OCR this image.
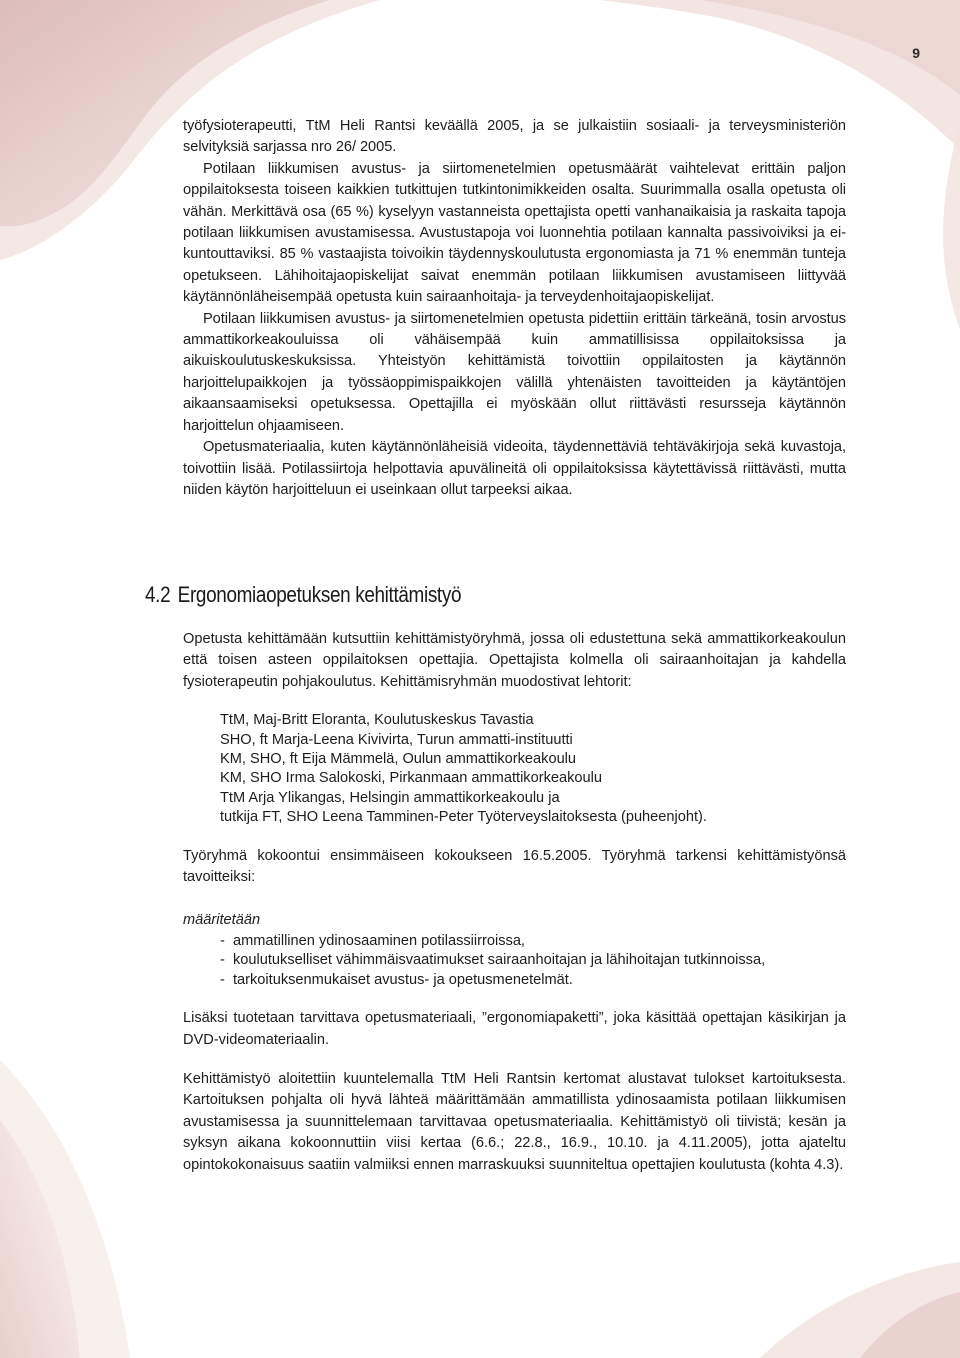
9

työfysioterapeutti, TtM Heli Rantsi keväällä 2005, ja se julkaistiin sosiaali- ja terveysministeriön selvityksiä sarjassa nro 26/ 2005.

Potilaan liikkumisen avustus- ja siirtomenetelmien opetusmäärät vaihtelevat erittäin paljon oppilaitoksesta toiseen kaikkien tutkittujen tutkintonimikkeiden osalta. Suurimmalla osalla opetusta oli vähän. Merkittävä osa (65 %) kyselyyn vastanneista opettajista opetti vanhanaikaisia ja raskaita tapoja potilaan liikkumisen avustamisessa. Avustustapoja voi luonnehtia potilaan kannalta passivoiviksi ja ei-kuntouttaviksi. 85 % vastaajista toivoikin täydennyskoulutusta ergonomiasta ja 71 % enemmän tunteja opetukseen. Lähihoitajaopiskelijat saivat enemmän potilaan liikkumisen avustamiseen liittyvää käytännönläheisempää opetusta kuin sairaanhoitaja- ja terveydenhoitajaopiskelijat.

Potilaan liikkumisen avustus- ja siirtomenetelmien opetusta pidettiin erittäin tärkeänä, tosin arvostus ammattikorkeakouluissa oli vähäisempää kuin ammatillisissa oppilaitoksissa ja aikuiskoulutuskeskuksissa. Yhteistyön kehittämistä toivottiin oppilaitosten ja käytännön harjoittelupaikkojen ja työssäoppimispaikkojen välillä yhtenäisten tavoitteiden ja käytäntöjen aikaansaamiseksi opetuksessa. Opettajilla ei myöskään ollut riittävästi resursseja käytännön harjoittelun ohjaamiseen.

Opetusmateriaalia, kuten käytännönläheisiä videoita, täydennettäviä tehtäväkirjoja sekä kuvastoja, toivottiin lisää. Potilassiirtoja helpottavia apuvälineitä oli oppilaitoksissa käytettävissä riittävästi, mutta niiden käytön harjoitteluun ei useinkaan ollut tarpeeksi aikaa.

4.2 Ergonomiaopetuksen kehittämistyö

Opetusta kehittämään kutsuttiin kehittämistyöryhmä, jossa oli edustettuna sekä ammattikorkeakoulun että toisen asteen oppilaitoksen opettajia. Opettajista kolmella oli sairaanhoitajan ja kahdella fysioterapeutin pohjakoulutus. Kehittämisryhmän muodostivat lehtorit:

TtM, Maj-Britt Eloranta, Koulutuskeskus Tavastia
SHO, ft Marja-Leena Kivivirta, Turun ammatti-instituutti
KM, SHO, ft Eija Mämmelä, Oulun ammattikorkeakoulu
KM, SHO Irma Salokoski, Pirkanmaan ammattikorkeakoulu
TtM Arja Ylikangas, Helsingin ammattikorkeakoulu ja
tutkija FT, SHO Leena Tamminen-Peter Työterveyslaitoksesta (puheenjoht).

Työryhmä kokoontui ensimmäiseen kokoukseen 16.5.2005. Työryhmä tarkensi kehittämistyönsä tavoitteiksi:

määritetään

- ammatillinen ydinosaaminen potilassiirroissa,
- koulutukselliset vähimmäisvaatimukset sairaanhoitajan ja lähihoitajan tutkinnoissa,
- tarkoituksenmukaiset avustus- ja opetusmenetelmät.

Lisäksi tuotetaan tarvittava opetusmateriaali, ”ergonomiapaketti”, joka käsittää opettajan käsikirjan ja DVD-videomateriaalin.

Kehittämistyö aloitettiin kuuntelemalla TtM Heli Rantsin kertomat alustavat tulokset kartoituksesta. Kartoituksen pohjalta oli hyvä lähteä määrittämään ammatillista ydinosaamista potilaan liikkumisen avustamisessa ja suunnittelemaan tarvittavaa opetusmateriaalia. Kehittämistyö oli tiivistä; kesän ja syksyn aikana kokoonnuttiin viisi kertaa (6.6.; 22.8., 16.9., 10.10. ja 4.11.2005), jotta ajateltu opintokokonaisuus saatiin valmiiksi ennen marraskuuksi suunniteltua opettajien koulutusta (kohta 4.3).
